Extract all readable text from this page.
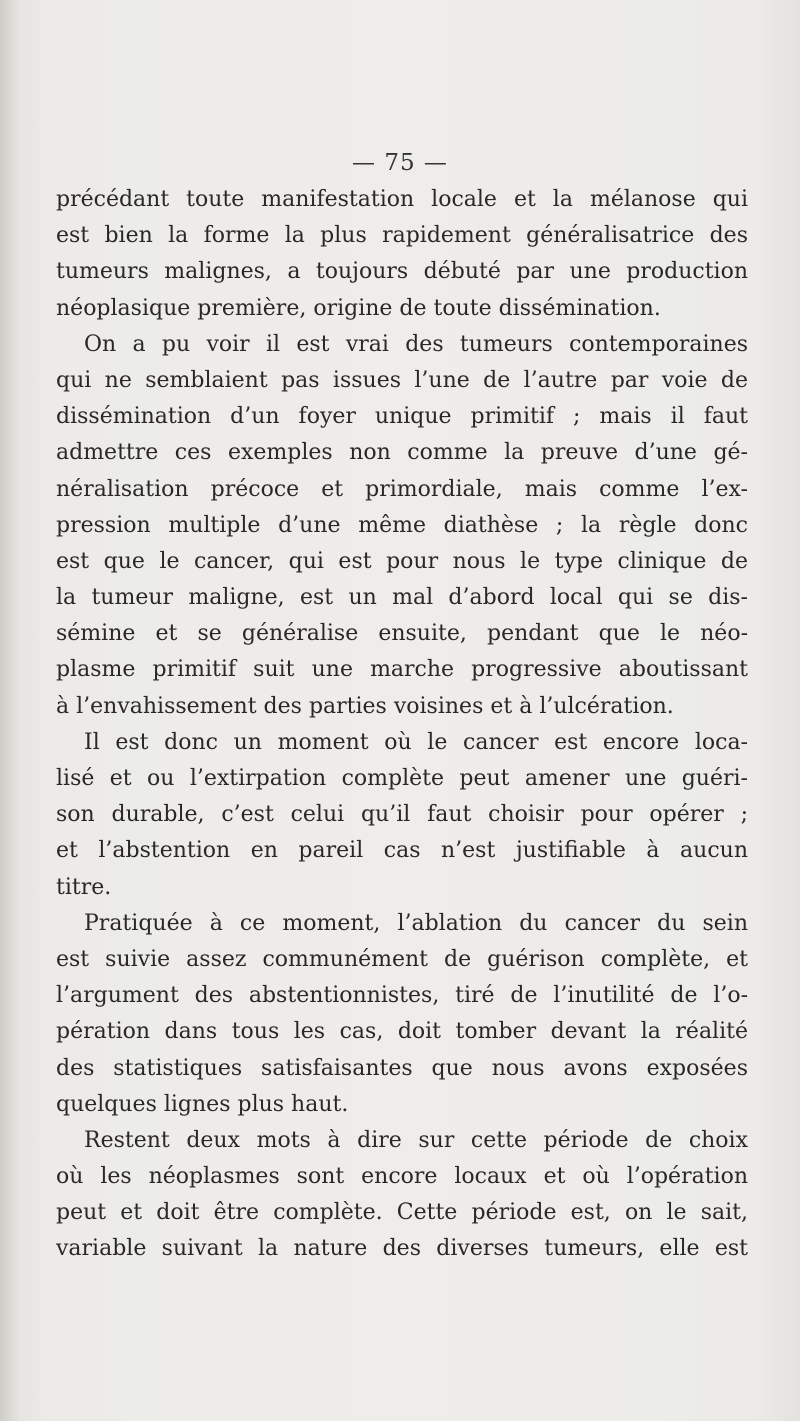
— 75 —
précédant toute manifestation locale et la mélanose qui
est bien la forme la plus rapidement généralisatrice des
tumeurs malignes, a toujours débuté par une production
néoplasique première, origine de toute dissémination.
On a pu voir il est vrai des tumeurs contemporaines
qui ne semblaient pas issues l’une de l’autre par voie de
dissémination d’un foyer unique primitif ; mais il faut
admettre ces exemples non comme la preuve d’une gé-
néralisation précoce et primordiale, mais comme l’ex-
pression multiple d’une même diathèse ; la règle donc
est que le cancer, qui est pour nous le type clinique de
la tumeur maligne, est un mal d’abord local qui se dis-
sémine et se généralise ensuite, pendant que le néo-
plasme primitif suit une marche progressive aboutissant
à l’envahissement des parties voisines et à l’ulcération.
Il est donc un moment où le cancer est encore loca-
lisé et ou l’extirpation complète peut amener une guéri-
son durable, c’est celui qu’il faut choisir pour opérer ;
et l’abstention en pareil cas n’est justifiable à aucun
titre.
Pratiquée à ce moment, l’ablation du cancer du sein
est suivie assez communément de guérison complète, et
l’argument des abstentionnistes, tiré de l’inutilité de l’o-
pération dans tous les cas, doit tomber devant la réalité
des statistiques satisfaisantes que nous avons exposées
quelques lignes plus haut.
Restent deux mots à dire sur cette période de choix
où les néoplasmes sont encore locaux et où l’opération
peut et doit être complète. Cette période est, on le sait,
variable suivant la nature des diverses tumeurs, elle est
